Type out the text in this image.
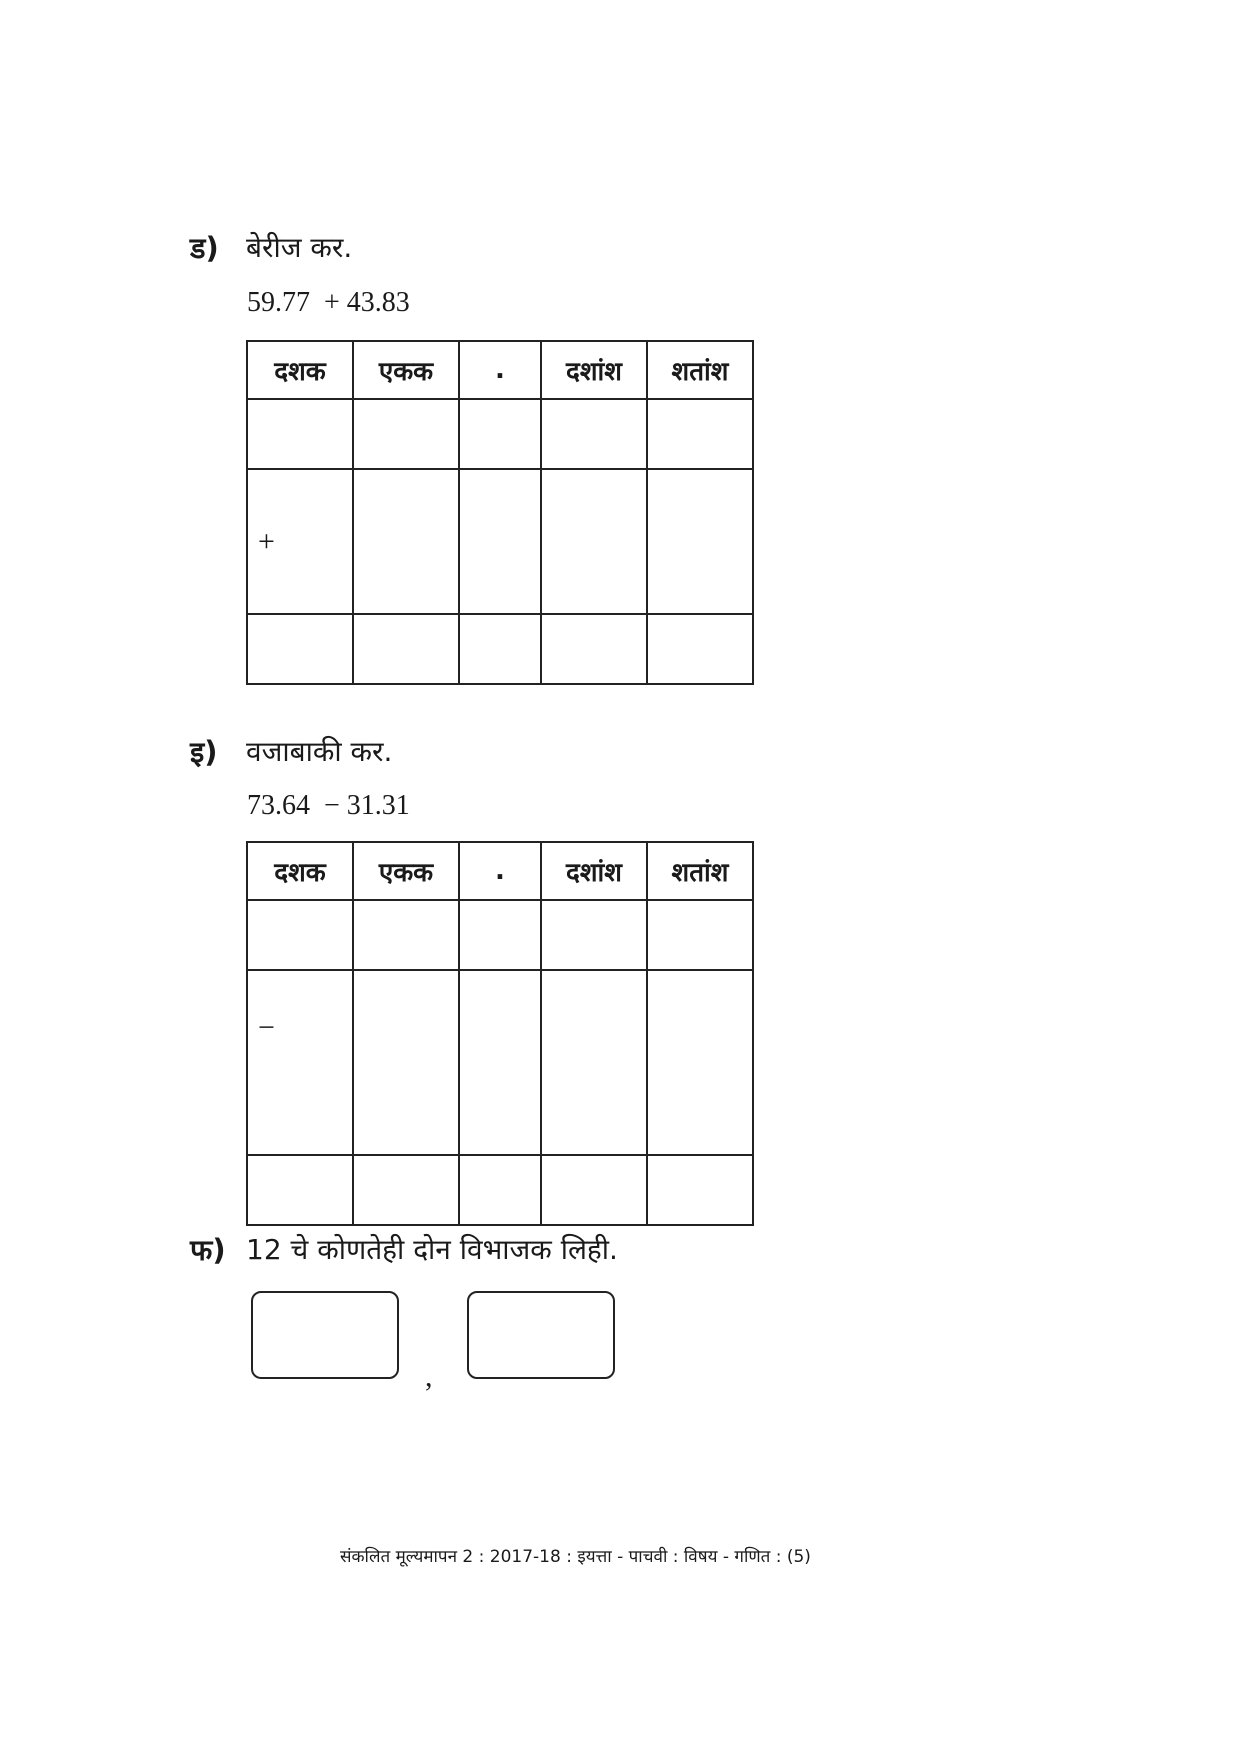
ड) बेरीज कर.
59.77  + 43.83
दशक	एकक	.	दशांश	शतांश

+				

इ) वजाबाकी कर.
73.64  − 31.31
दशक	एकक	.	दशांश	शतांश

−				

फ) 12 चे कोणतेही दोन विभाजक लिही.
,
संकलित मूल्यमापन 2 : 2017-18 : इयत्ता - पाचवी : विषय - गणित : (5)
